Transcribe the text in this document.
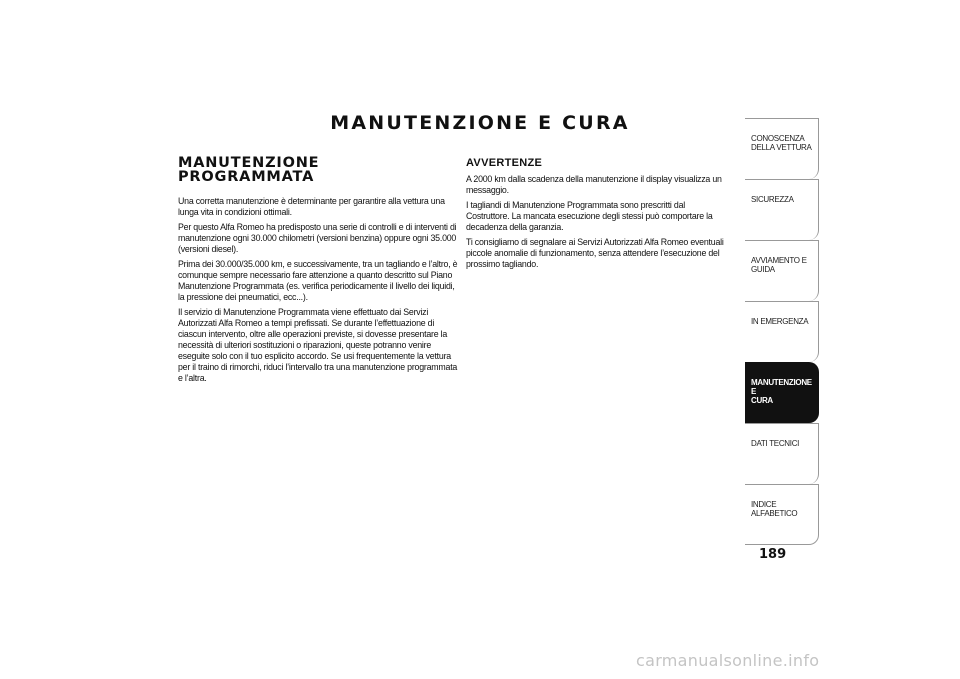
MANUTENZIONE E CURA
MANUTENZIONE
PROGRAMMATA

Una corretta manutenzione è determinante per garantire alla vettura una lunga vita in condizioni ottimali.

Per questo Alfa Romeo ha predisposto una serie di controlli e di interventi di manutenzione ogni 30.000 chilometri (versioni benzina) oppure ogni 35.000 (versioni diesel).

Prima dei 30.000/35.000 km, e successivamente, tra un tagliando e l’altro, è comunque sempre necessario fare attenzione a quanto descritto sul Piano Manutenzione Programmata (es. verifica periodicamente il livello dei liquidi, la pressione dei pneumatici, ecc...).

Il servizio di Manutenzione Programmata viene effettuato dai Servizi Autorizzati Alfa Romeo a tempi prefissati. Se durante l’effettuazione di ciascun intervento, oltre alle operazioni previste, si dovesse presentare la necessità di ulteriori sostituzioni o riparazioni, queste potranno venire eseguite solo con il tuo esplicito accordo. Se usi frequentemente la vettura per il traino di rimorchi, riduci l’intervallo tra una manutenzione programmata e l’altra.

AVVERTENZE

A 2000 km dalla scadenza della manutenzione il display visualizza un messaggio.

I tagliandi di Manutenzione Programmata sono prescritti dal Costruttore. La mancata esecuzione degli stessi può comportare la decadenza della garanzia.

Ti consigliamo di segnalare ai Servizi Autorizzati Alfa Romeo eventuali piccole anomalie di funzionamento, senza attendere l’esecuzione del prossimo tagliando.

CONOSCENZA
DELLA VETTURA
SICUREZZA
AVVIAMENTO E
GUIDA
IN EMERGENZA
MANUTENZIONE E
CURA
DATI TECNICI
INDICE ALFABETICO
189
carmanualsonline.info
